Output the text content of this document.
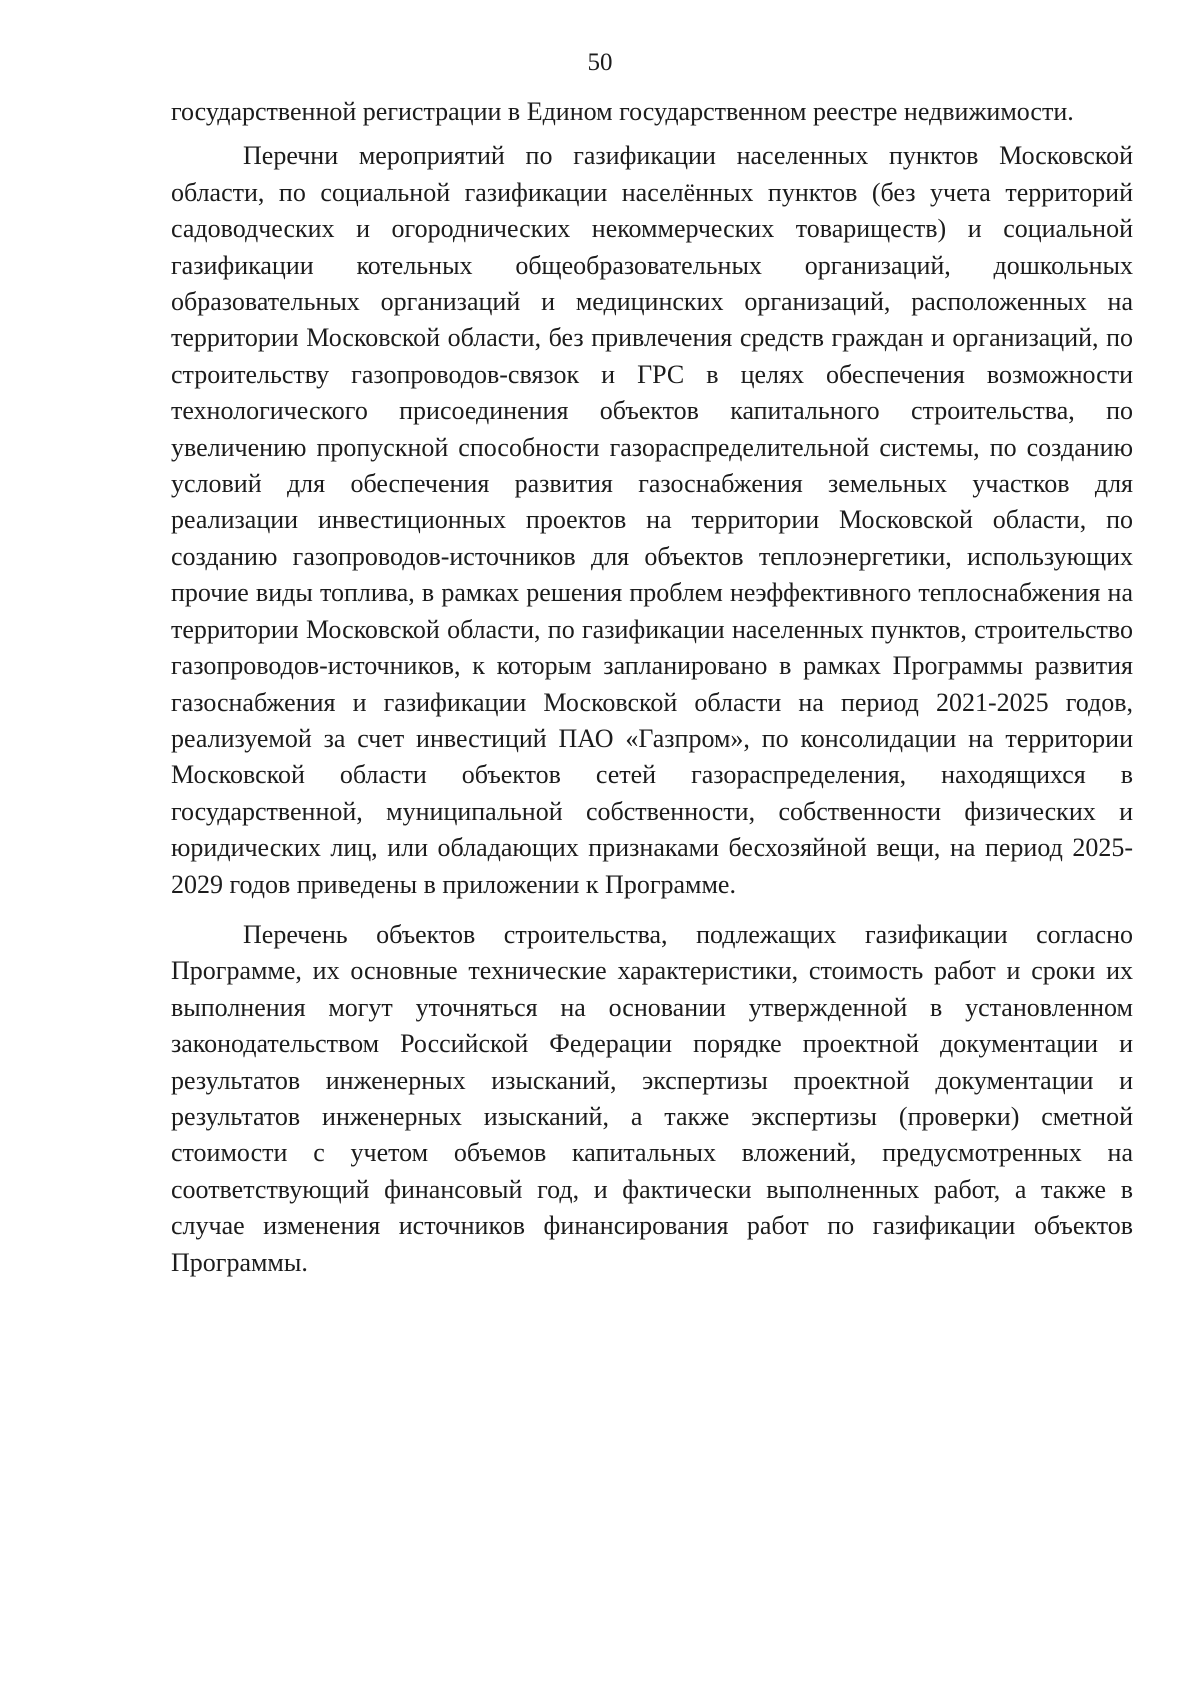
50

государственной регистрации в Едином государственном реестре недвижимости.

Перечни мероприятий по газификации населенных пунктов Московской области, по социальной газификации населённых пунктов (без учета территорий садоводческих и огороднических некоммерческих товариществ) и социальной газификации котельных общеобразовательных организаций, дошкольных образовательных организаций и медицинских организаций, расположенных на территории Московской области, без привлечения средств граждан и организаций, по строительству газопроводов-связок и ГРС в целях обеспечения возможности технологического присоединения объектов капитального строительства, по увеличению пропускной способности газораспределительной системы, по созданию условий для обеспечения развития газоснабжения земельных участков для реализации инвестиционных проектов на территории Московской области, по созданию газопроводов-источников для объектов теплоэнергетики, использующих прочие виды топлива, в рамках решения проблем неэффективного теплоснабжения на территории Московской области, по газификации населенных пунктов, строительство газопроводов-источников, к которым запланировано в рамках Программы развития газоснабжения и газификации Московской области на период 2021-2025 годов, реализуемой за счет инвестиций ПАО «Газпром», по консолидации на территории Московской области объектов сетей газораспределения, находящихся в государственной, муниципальной собственности, собственности физических и юридических лиц, или обладающих признаками бесхозяйной вещи, на период 2025-2029 годов приведены в приложении к Программе.

Перечень объектов строительства, подлежащих газификации согласно Программе, их основные технические характеристики, стоимость работ и сроки их выполнения могут уточняться на основании утвержденной в установленном законодательством Российской Федерации порядке проектной документации и результатов инженерных изысканий, экспертизы проектной документации и результатов инженерных изысканий, а также экспертизы (проверки) сметной стоимости с учетом объемов капитальных вложений, предусмотренных на соответствующий финансовый год, и фактически выполненных работ, а также в случае изменения источников финансирования работ по газификации объектов Программы.
